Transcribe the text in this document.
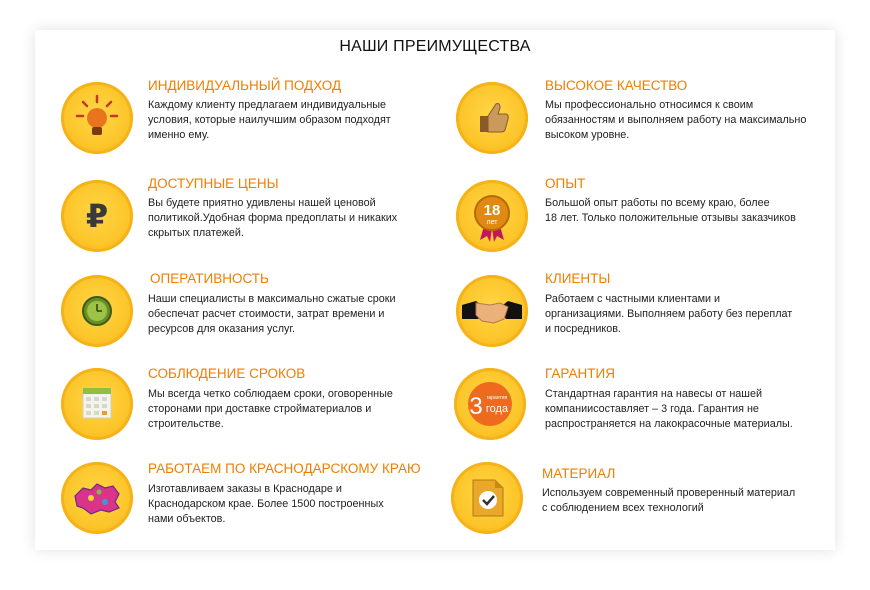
НАШИ ПРЕИМУЩЕСТВА
ИНДИВИДУАЛЬНЫЙ ПОДХОД
Каждому клиенту предлагаем индивидуальные
условия, которые наилучшим образом подходят
именно ему.
₽
ДОСТУПНЫЕ ЦЕНЫ
Вы будете приятно удивлены нашей ценовой
политикой.Удобная форма предоплаты и никаких
скрытых платежей.
ОПЕРАТИВНОСТЬ
Наши специалисты в максимально сжатые сроки
обеспечат расчет стоимости, затрат времени и
ресурсов для оказания услуг.
СОБЛЮДЕНИЕ СРОКОВ
Мы всегда четко соблюдаем сроки, оговоренные
сторонами при доставке стройматериалов и
строительстве.
РАБОТАЕМ ПО КРАСНОДАРСКОМУ КРАЮ
Изготавливаем заказы в Краснодаре и
Краснодарском крае. Более 1500 построенных
нами объектов.
ВЫСОКОЕ КАЧЕСТВО
Мы профессионально относимся к своим
обязанностям и выполняем работу на максимально
высоком уровне.
18
лет
ОПЫТ
Большой опыт работы по всему краю, более
18 лет. Только положительные отзывы заказчиков
КЛИЕНТЫ
Работаем с частными клиентами и
организациями. Выполняем работу без переплат
и посредников.
3 гарантия
года
ГАРАНТИЯ
Стандартная гарантия на навесы от нашей
компаниисоставляет – 3 года. Гарантия не
распространяется на лакокрасочные материалы.
МАТЕРИАЛ
Используем современный проверенный материал
с соблюдением всех технологий
